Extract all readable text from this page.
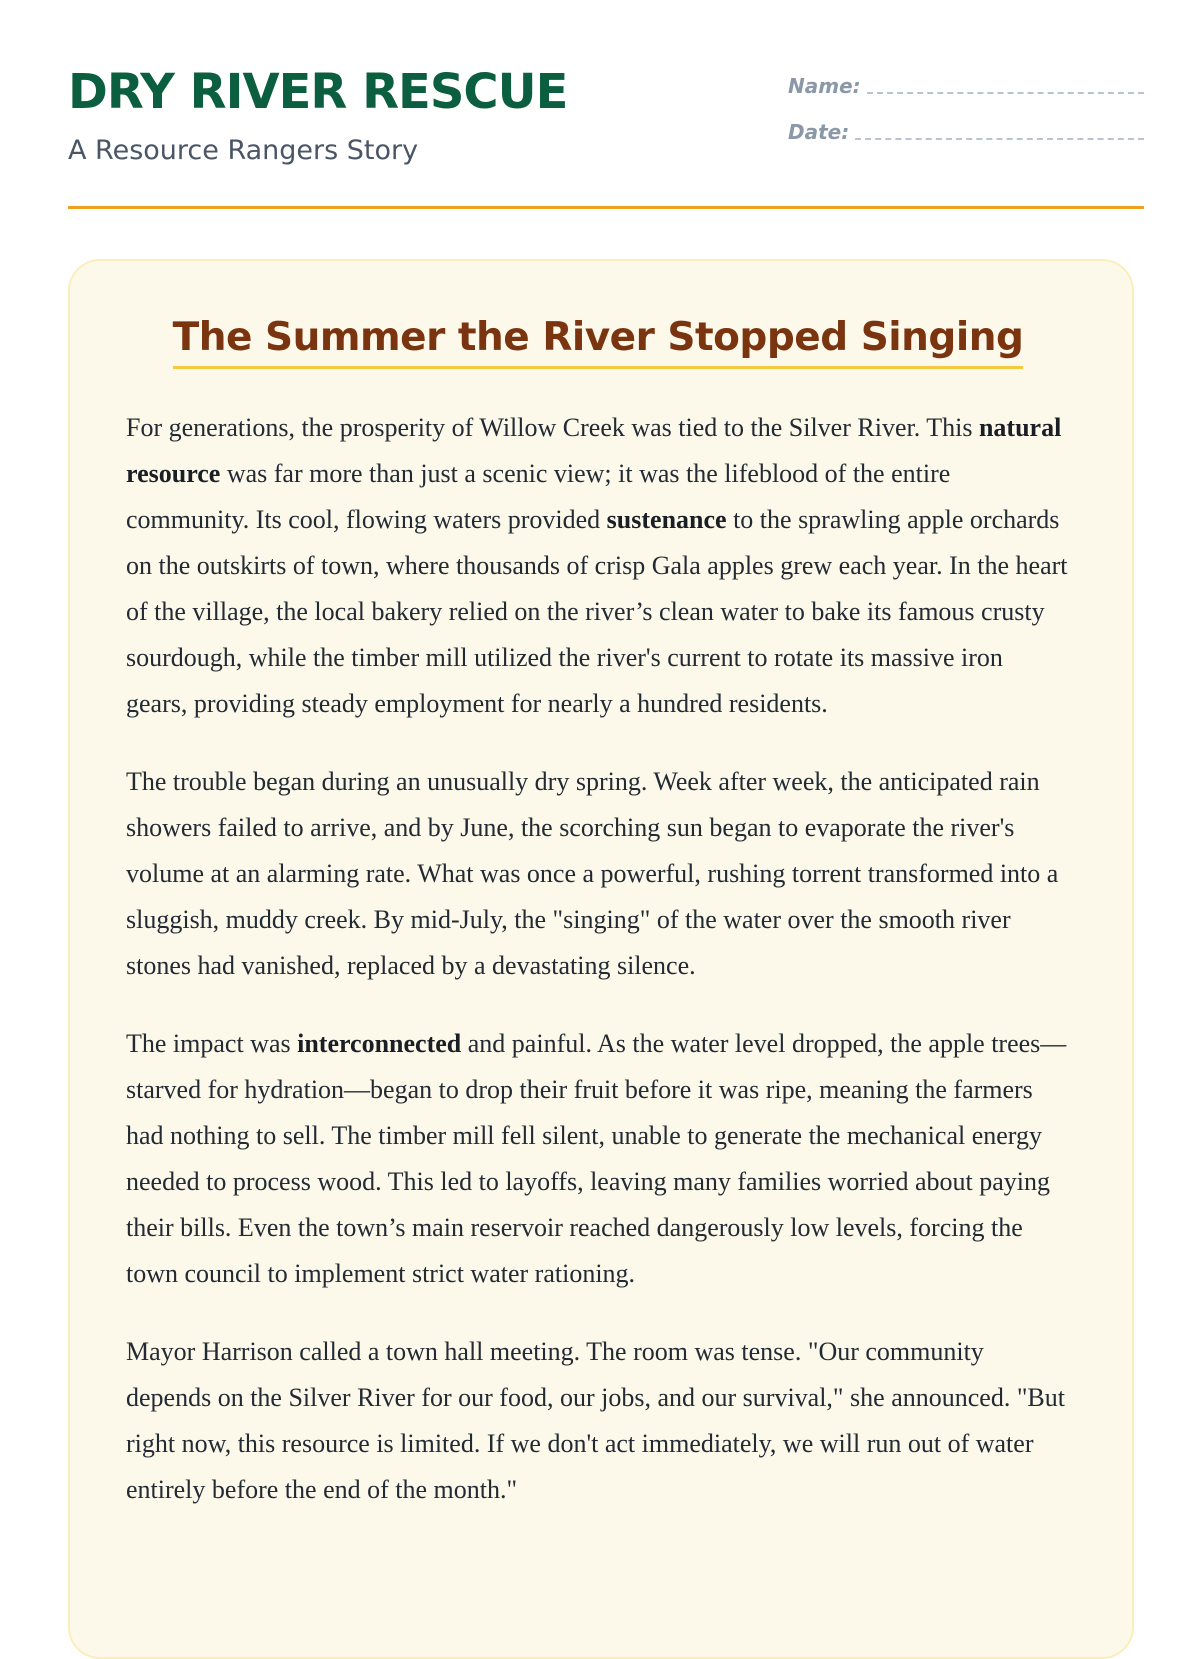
DRY RIVER RESCUE

A Resource Rangers Story

Name:
Date:
The Summer the River Stopped Singing

For generations, the prosperity of Willow Creek was tied to the Silver River. This natural resource was far more than just a scenic view; it was the lifeblood of the entire community. Its cool, flowing waters provided sustenance to the sprawling apple orchards on the outskirts of town, where thousands of crisp Gala apples grew each year. In the heart of the village, the local bakery relied on the river’s clean water to bake its famous crusty sourdough, while the timber mill utilized the river's current to rotate its massive iron gears, providing steady employment for nearly a hundred residents.

The trouble began during an unusually dry spring. Week after week, the anticipated rain showers failed to arrive, and by June, the scorching sun began to evaporate the river's volume at an alarming rate. What was once a powerful, rushing torrent transformed into a sluggish, muddy creek. By mid-July, the "singing" of the water over the smooth river stones had vanished, replaced by a devastating silence.

The impact was interconnected and painful. As the water level dropped, the apple trees—starved for hydration—began to drop their fruit before it was ripe, meaning the farmers had nothing to sell. The timber mill fell silent, unable to generate the mechanical energy needed to process wood. This led to layoffs, leaving many families worried about paying their bills. Even the town’s main reservoir reached dangerously low levels, forcing the town council to implement strict water rationing.

Mayor Harrison called a town hall meeting. The room was tense. "Our community depends on the Silver River for our food, our jobs, and our survival," she announced. "But right now, this resource is limited. If we don't act immediately, we will run out of water entirely before the end of the month."
